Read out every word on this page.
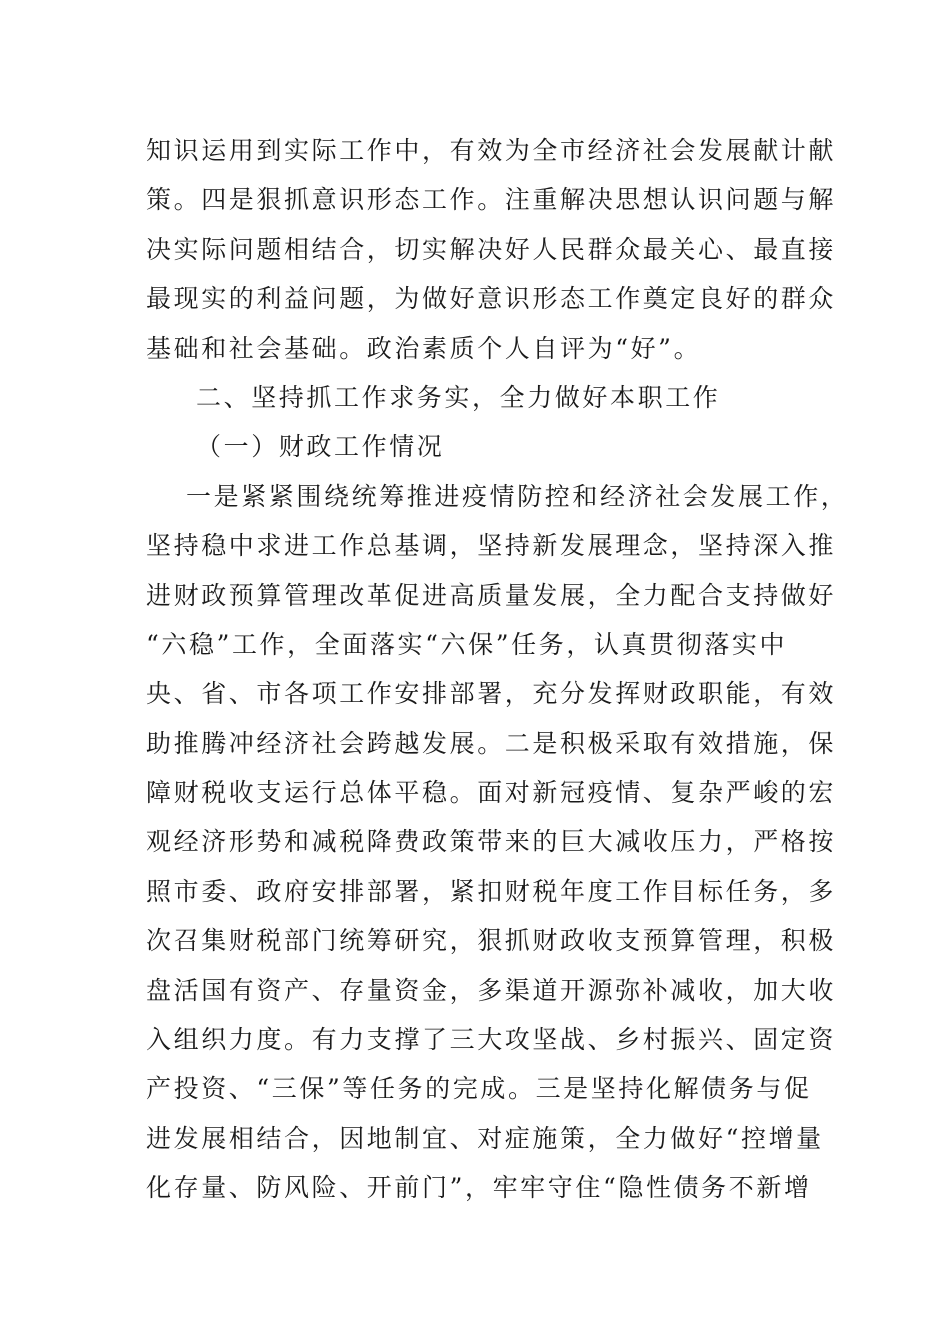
知识运用到实际工作中，有效为全市经济社会发展献计献
策。四是狠抓意识形态工作。注重解决思想认识问题与解
决实际问题相结合，切实解决好人民群众最关心、最直接
最现实的利益问题，为做好意识形态工作奠定良好的群众
基础和社会基础。政治素质个人自评为“好”。
二、坚持抓工作求务实，全力做好本职工作
（一）财政工作情况
一是紧紧围绕统筹推进疫情防控和经济社会发展工作，
坚持稳中求进工作总基调，坚持新发展理念，坚持深入推
进财政预算管理改革促进高质量发展，全力配合支持做好
“六稳”工作，全面落实“六保”任务，认真贯彻落实中
央、省、市各项工作安排部署，充分发挥财政职能，有效
助推腾冲经济社会跨越发展。二是积极采取有效措施，保
障财税收支运行总体平稳。面对新冠疫情、复杂严峻的宏
观经济形势和减税降费政策带来的巨大减收压力，严格按
照市委、政府安排部署，紧扣财税年度工作目标任务，多
次召集财税部门统筹研究，狠抓财政收支预算管理，积极
盘活国有资产、存量资金，多渠道开源弥补减收，加大收
入组织力度。有力支撑了三大攻坚战、乡村振兴、固定资
产投资、“三保”等任务的完成。三是坚持化解债务与促
进发展相结合，因地制宜、对症施策，全力做好“控增量
化存量、防风险、开前门”，牢牢守住“隐性债务不新增
